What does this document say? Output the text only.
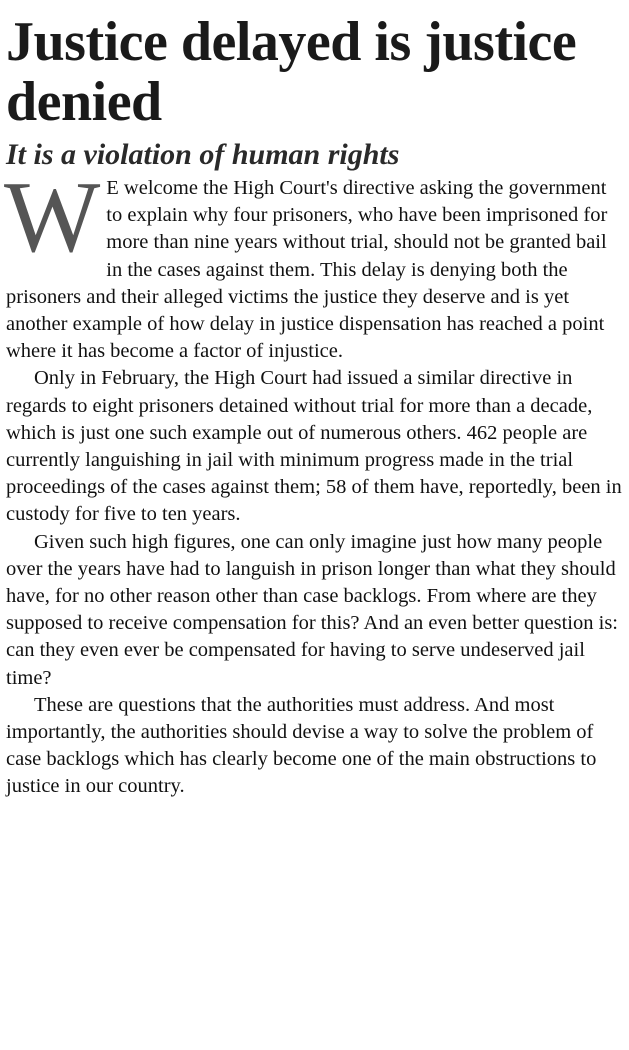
Justice delayed is justice denied
It is a violation of human rights

W E welcome the High Court's directive asking the government to explain why four prisoners, who have been imprisoned for more than nine years without trial, should not be granted bail in the cases against them. This delay is denying both the prisoners and their alleged victims the justice they deserve and is yet another example of how delay in justice dispensation has reached a point where it has become a factor of injustice.

Only in February, the High Court had issued a similar directive in regards to eight prisoners detained without trial for more than a decade, which is just one such example out of numerous others. 462 people are currently languishing in jail with minimum progress made in the trial proceedings of the cases against them; 58 of them have, reportedly, been in custody for five to ten years.

Given such high figures, one can only imagine just how many people over the years have had to languish in prison longer than what they should have, for no other reason other than case backlogs. From where are they supposed to receive compensation for this? And an even better question is: can they even ever be compensated for having to serve undeserved jail time?

These are questions that the authorities must address. And most importantly, the authorities should devise a way to solve the problem of case backlogs which has clearly become one of the main obstructions to justice in our country.
